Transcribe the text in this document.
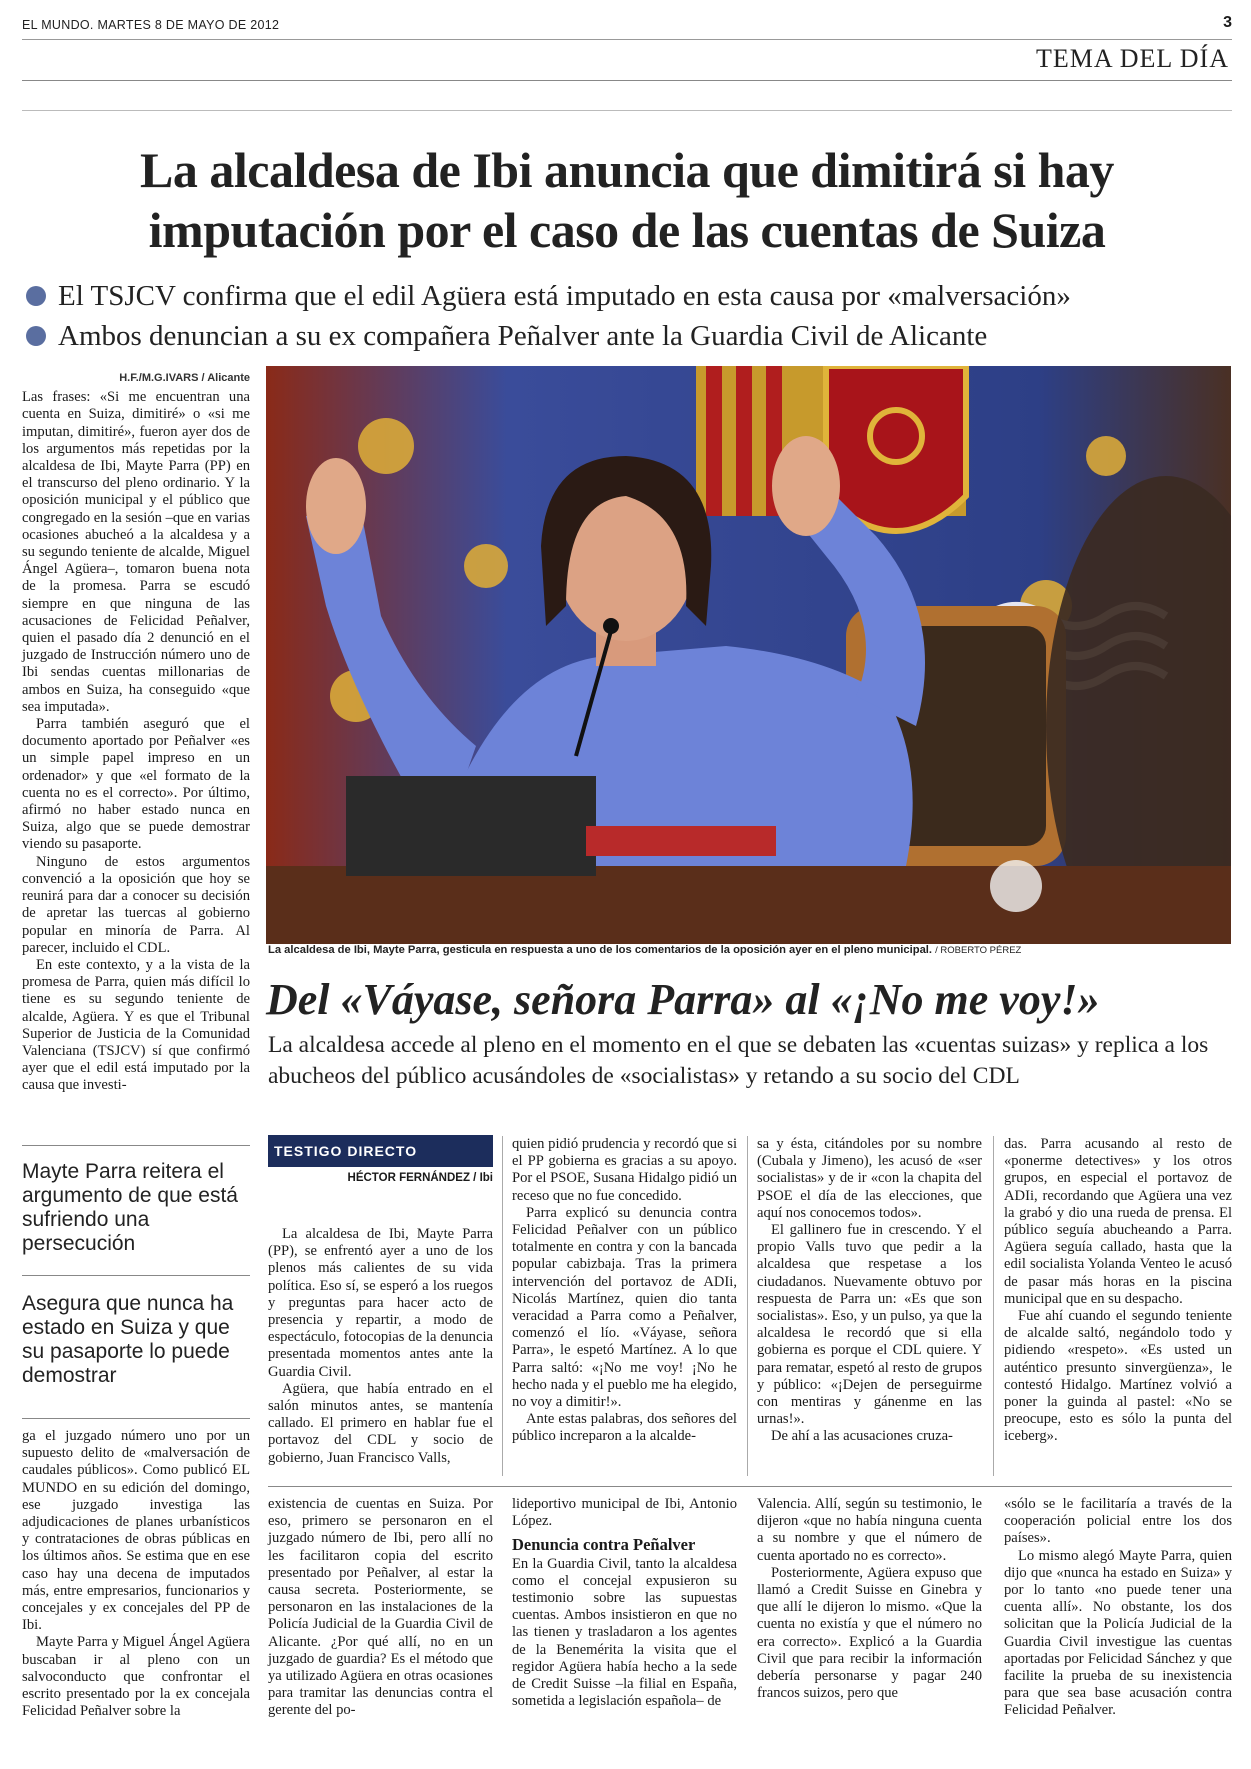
EL MUNDO. MARTES 8 DE MAYO DE 2012	3
TEMA DEL DÍA
La alcaldesa de Ibi anuncia que dimitirá si hay
imputación por el caso de las cuentas de Suiza
El TSJCV confirma que el edil Agüera está imputado en esta causa por «malversación»
Ambos denuncian a su ex compañera Peñalver ante la Guardia Civil de Alicante
H.F./M.G.IVARS / Alicante

Las frases: «Si me encuentran una cuenta en Suiza, dimitiré» o «si me imputan, dimitiré», fueron ayer dos de los argumentos más repetidas por la alcaldesa de Ibi, Mayte Parra (PP) en el transcurso del pleno ordinario. Y la oposición municipal y el público que congregado en la sesión –que en varias ocasiones abucheó a la alcaldesa y a su segundo teniente de alcalde, Miguel Ángel Agüera–, tomaron buena nota de la promesa. Parra se escudó siempre en que ninguna de las acusaciones de Felicidad Peñalver, quien el pasado día 2 denunció en el juzgado de Instrucción número uno de Ibi sendas cuentas millonarias de ambos en Suiza, ha conseguido «que sea imputada».

Parra también aseguró que el documento aportado por Peñalver «es un simple papel impreso en un ordenador» y que «el formato de la cuenta no es el correcto». Por último, afirmó no haber estado nunca en Suiza, algo que se puede demostrar viendo su pasaporte.

Ninguno de estos argumentos convenció a la oposición que hoy se reunirá para dar a conocer su decisión de apretar las tuercas al gobierno popular en minoría de Parra. Al parecer, incluido el CDL.

En este contexto, y a la vista de la promesa de Parra, quien más difícil lo tiene es su segundo teniente de alcalde, Agüera. Y es que el Tribunal Superior de Justicia de la Comunidad Valenciana (TSJCV) sí que confirmó ayer que el edil está imputado por la causa que investi-

La alcaldesa de Ibi, Mayte Parra, gesticula en respuesta a uno de los comentarios de la oposición ayer en el pleno municipal. / ROBERTO PÉREZ
Del «Váyase, señora Parra» al «¡No me voy!»
La alcaldesa accede al pleno en el momento en el que se debaten las «cuentas suizas» y replica a los abucheos del público acusándoles de «socialistas» y retando a su socio del CDL
Mayte Parra reitera el argumento de que está sufriendo una persecución
Asegura que nunca ha estado en Suiza y que su pasaporte lo puede demostrar

ga el juzgado número uno por un supuesto delito de «malversación de caudales públicos». Como publicó EL MUNDO en su edición del domingo, ese juzgado investiga las adjudicaciones de planes urbanísticos y contrataciones de obras públicas en los últimos años. Se estima que en ese caso hay una decena de imputados más, entre empresarios, funcionarios y concejales y ex concejales del PP de Ibi.

Mayte Parra y Miguel Ángel Agüera buscaban ir al pleno con un salvoconducto que confrontar el escrito presentado por la ex concejala Felicidad Peñalver sobre la

TESTIGO DIRECTO
HÉCTOR FERNÁNDEZ / Ibi

La alcaldesa de Ibi, Mayte Parra (PP), se enfrentó ayer a uno de los plenos más calientes de su vida política. Eso sí, se esperó a los ruegos y preguntas para hacer acto de presencia y repartir, a modo de espectáculo, fotocopias de la denuncia presentada momentos antes ante la Guardia Civil.

Agüera, que había entrado en el salón minutos antes, se mantenía callado. El primero en hablar fue el portavoz del CDL y socio de gobierno, Juan Francisco Valls,

quien pidió prudencia y recordó que si el PP gobierna es gracias a su apoyo. Por el PSOE, Susana Hidalgo pidió un receso que no fue concedido.

Parra explicó su denuncia contra Felicidad Peñalver con un público totalmente en contra y con la bancada popular cabizbaja. Tras la primera intervención del portavoz de ADIi, Nicolás Martínez, quien dio tanta veracidad a Parra como a Peñalver, comenzó el lío. «Váyase, señora Parra», le espetó Martínez. A lo que Parra saltó: «¡No me voy! ¡No he hecho nada y el pueblo me ha elegido, no voy a dimitir!».

Ante estas palabras, dos señores del público increparon a la alcalde-

sa y ésta, citándoles por su nombre (Cubala y Jimeno), les acusó de «ser socialistas» y de ir «con la chapita del PSOE el día de las elecciones, que aquí nos conocemos todos».

El gallinero fue in crescendo. Y el propio Valls tuvo que pedir a la alcaldesa que respetase a los ciudadanos. Nuevamente obtuvo por respuesta de Parra un: «Es que son socialistas». Eso, y un pulso, ya que la alcaldesa le recordó que si ella gobierna es porque el CDL quiere. Y para rematar, espetó al resto de grupos y público: «¡Dejen de perseguirme con mentiras y gánenme en las urnas!».

De ahí a las acusaciones cruza-

das. Parra acusando al resto de «ponerme detectives» y los otros grupos, en especial el portavoz de ADIi, recordando que Agüera una vez la grabó y dio una rueda de prensa. El público seguía abucheando a Parra. Agüera seguía callado, hasta que la edil socialista Yolanda Venteo le acusó de pasar más horas en la piscina municipal que en su despacho.

Fue ahí cuando el segundo teniente de alcalde saltó, negándolo todo y pidiendo «respeto». «Es usted un auténtico presunto sinvergüenza», le contestó Hidalgo. Martínez volvió a poner la guinda al pastel: «No se preocupe, esto es sólo la punta del iceberg».

existencia de cuentas en Suiza. Por eso, primero se personaron en el juzgado número de Ibi, pero allí no les facilitaron copia del escrito presentado por Peñalver, al estar la causa secreta. Posteriormente, se personaron en las instalaciones de la Policía Judicial de la Guardia Civil de Alicante. ¿Por qué allí, no en un juzgado de guardia? Es el método que ya utilizado Agüera en otras ocasiones para tramitar las denuncias contra el gerente del po-

lideportivo municipal de Ibi, Antonio López.

Denuncia contra Peñalver

En la Guardia Civil, tanto la alcaldesa como el concejal expusieron su testimonio sobre las supuestas cuentas. Ambos insistieron en que no las tienen y trasladaron a los agentes de la Benemérita la visita que el regidor Agüera había hecho a la sede de Credit Suisse –la filial en España, sometida a legislación española– de

Valencia. Allí, según su testimonio, le dijeron «que no había ninguna cuenta a su nombre y que el número de cuenta aportado no es correcto».

Posteriormente, Agüera expuso que llamó a Credit Suisse en Ginebra y que allí le dijeron lo mismo. «Que la cuenta no existía y que el número no era correcto». Explicó a la Guardia Civil que para recibir la información debería personarse y pagar 240 francos suizos, pero que

«sólo se le facilitaría a través de la cooperación policial entre los dos países».

Lo mismo alegó Mayte Parra, quien dijo que «nunca ha estado en Suiza» y por lo tanto «no puede tener una cuenta allí». No obstante, los dos solicitan que la Policía Judicial de la Guardia Civil investigue las cuentas aportadas por Felicidad Sánchez y que facilite la prueba de su inexistencia para que sea base acusación contra Felicidad Peñalver.
